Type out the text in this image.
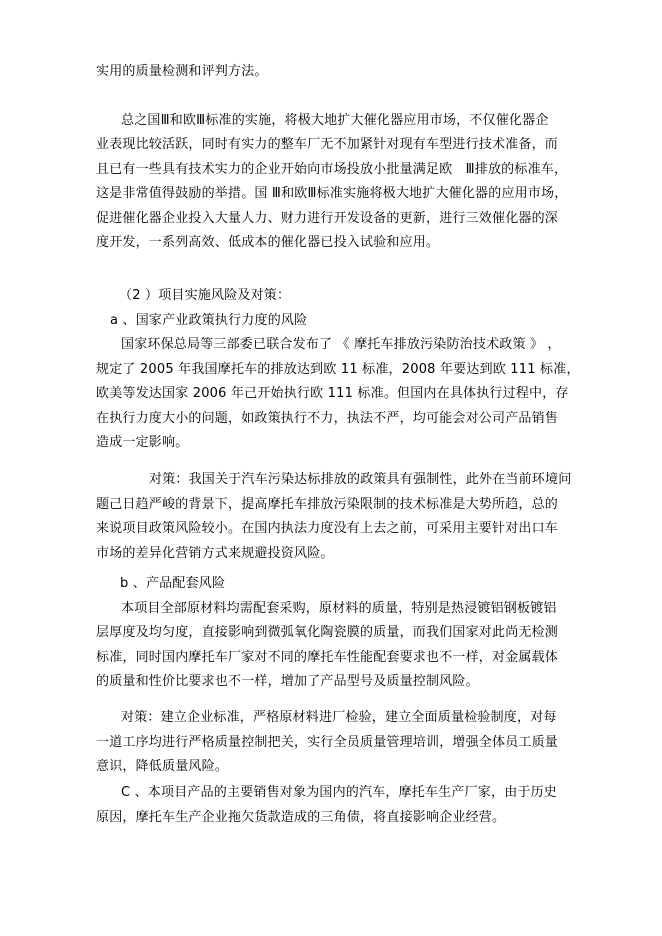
实用的质量检测和评判方法。
总之国Ⅲ和欧Ⅲ标准的实施，将极大地扩大催化器应用市场，不仅催化器企
业表现比较活跃，同时有实力的整车厂无不加紧针对现有车型进行技术准备，而
且已有一些具有技术实力的企业开始向市场投放小批量满足欧　Ⅲ排放的标准车，
这是非常值得鼓励的举措。国 Ⅲ和欧Ⅲ标准实施将极大地扩大催化器的应用市场，
促进催化器企业投入大量人力、财力进行开发设备的更新，进行三效催化器的深
度开发，一系列高效、低成本的催化器已投入试验和应用。
（2 ）项目实施风险及对策：
a 、国家产业政策执行力度的风险
国家环保总局等三部委已联合发布了 《 摩托车排放污染防治技术政策 》 ，
规定了 2005 年我国摩托车的排放达到欧 11 标准，2008 年要达到欧 111 标准，
欧美等发达国家 2006 年己开始执行欧 111 标准。但国内在具体执行过程中，存
在执行力度大小的问题，如政策执行不力，执法不严，均可能会对公司产品销售
造成一定影响。
对策：我国关于汽车污染达标排放的政策具有强制性，此外在当前环境问
题己日趋严峻的背景下，提高摩托车排放污染限制的技术标准是大势所趋，总的
来说项目政策风险较小。在国内执法力度没有上去之前，可采用主要针对出口车
市场的差异化营销方式来规避投资风险。
b 、产品配套风险
本项目全部原材料均需配套采购，原材料的质量，特别是热浸镀铝钢板镀铝
层厚度及均匀度，直接影响到微弧氧化陶瓷膜的质量，而我们国家对此尚无检测
标准，同时国内摩托车厂家对不同的摩托车性能配套要求也不一样，对金属载体
的质量和性价比要求也不一样，增加了产品型号及质量控制风险。
对策：建立企业标准，严格原材料进厂检验，建立全面质量检验制度，对每
一道工序均进行严格质量控制把关，实行全员质量管理培训，增强全体员工质量
意识，降低质量风险。
C 、本项目产品的主要销售对象为国内的汽车，摩托车生产厂家，由于历史
原因，摩托车生产企业拖欠货款造成的三角债，将直接影响企业经营。
